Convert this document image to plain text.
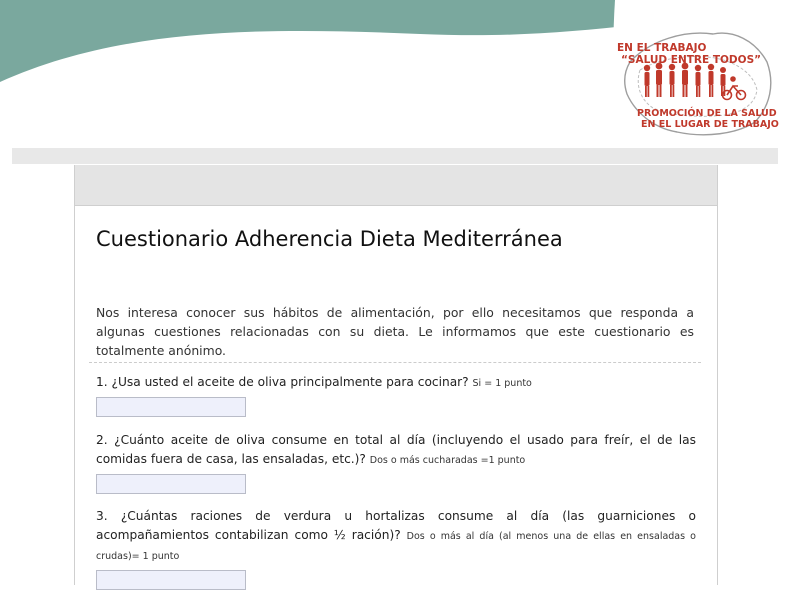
EN EL TRABAJO
“SALUD ENTRE TODOS”
PROMOCIÓN DE LA SALUD
EN EL LUGAR DE TRABAJO
Cuestionario Adherencia Dieta Mediterránea

Nos interesa conocer sus hábitos de alimentación, por ello necesitamos que responda a algunas cuestiones relacionadas con su dieta. Le informamos que este cuestionario es totalmente anónimo.

1. ¿Usa usted el aceite de oliva principalmente para cocinar? Si = 1 punto

2. ¿Cuánto aceite de oliva consume en total al día (incluyendo el usado para freír, el de las comidas fuera de casa, las ensaladas, etc.)? Dos o más cucharadas =1 punto

3. ¿Cuántas raciones de verdura u hortalizas consume al día (las guarniciones o acompañamientos contabilizan como ½ ración)? Dos o más al día (al menos una de ellas en ensaladas o crudas)= 1 punto
